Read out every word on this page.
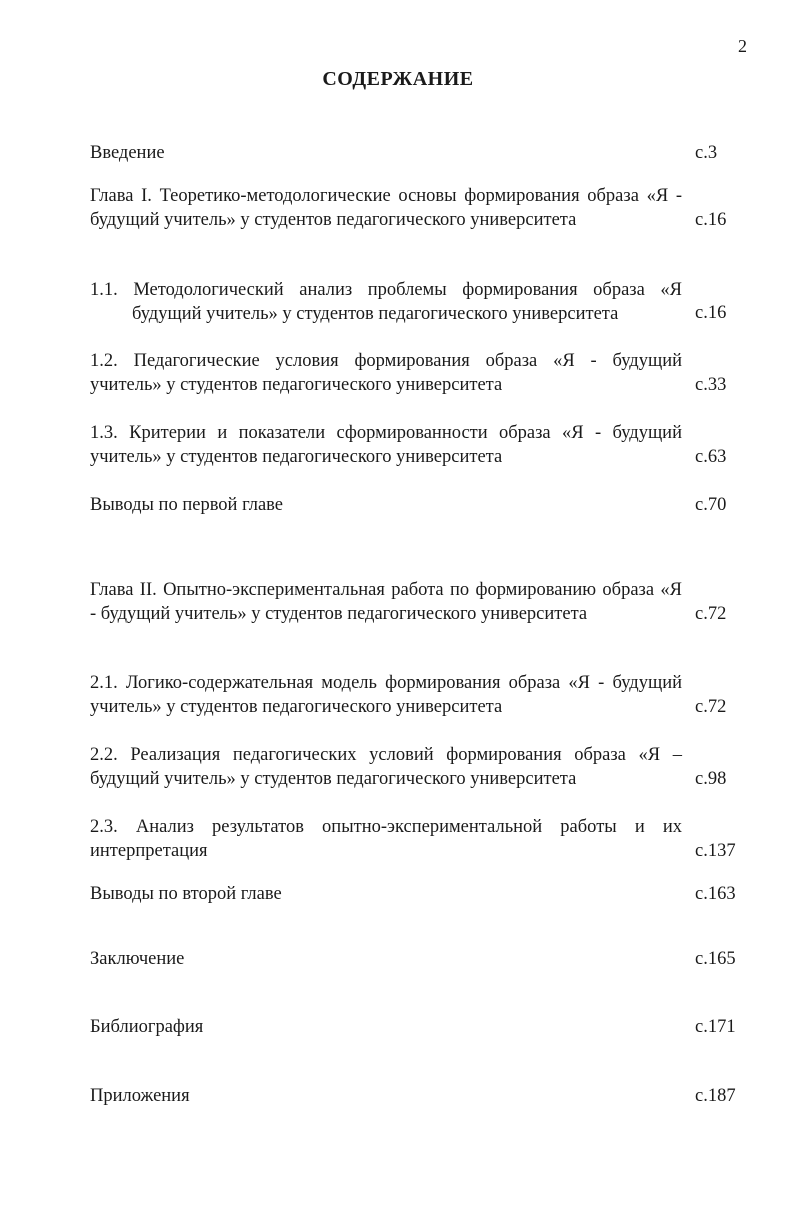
2
СОДЕРЖАНИЕ
Введение	с.3
Глава I. Теоретико-методологические основы формирования образа «Я -
будущий учитель» у студентов педагогического университета	с.16
1.1. Методологический анализ проблемы формирования образа «Я
будущий учитель» у студентов педагогического университета	с.16
1.2. Педагогические условия формирования образа «Я - будущий
учитель» у студентов педагогического университета	с.33
1.3. Критерии и показатели сформированности образа «Я - будущий
учитель» у студентов педагогического университета	с.63
Выводы по первой главе	с.70
Глава II. Опытно-экспериментальная работа по формированию образа «Я
- будущий учитель» у студентов педагогического университета	с.72
2.1. Логико-содержательная модель формирования образа «Я - будущий
учитель» у студентов педагогического университета	с.72
2.2. Реализация педагогических условий формирования образа «Я –
будущий учитель» у студентов педагогического университета	с.98
2.3. Анализ результатов опытно-экспериментальной работы и их
интерпретация	с.137
Выводы по второй главе	с.163
Заключение	с.165
Библиография	с.171
Приложения	с.187
